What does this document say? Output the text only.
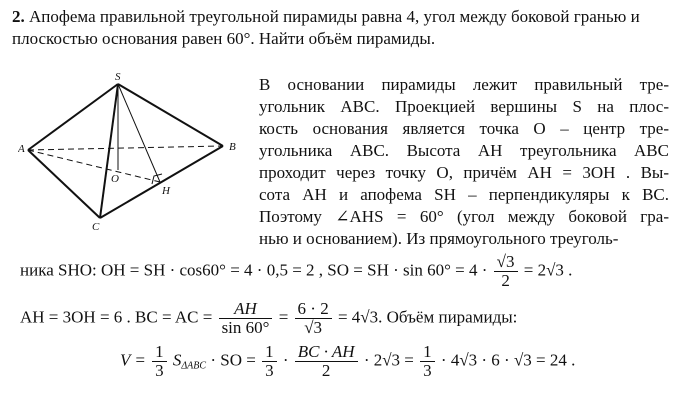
2. Апофема правильной треугольной пирамиды равна 4, угол между боковой гранью и плоскостью основания равен 60°. Найти объём пирамиды.
S
A	B
C
O
H

В основании пирамиды лежит правильный тре-

угольник ABC. Проекцией вершины S на плос-

кость основания является точка O – центр тре-

угольника ABC. Высота AH треугольника ABC

проходит через точку O, причём AH = 3OH . Вы-

сота AH и апофема SH – перпендикуляры к BC.

Поэтому ∠AHS = 60° (угол между боковой гра-

нью и основанием). Из прямоугольного треуголь-

ника SHO: OH = SH · cos60° = 4 · 0,5 = 2 , SO = SH · $\sin 60^\circ = 4 \cdot \frac{√3}{2} = 2√3$ .
AH = 3OH = 6 . BC = AC = $\frac{AH}{\sin 60^\circ} = \frac{6 \cdot 2}{√3} = 4√3$. Объём пирамиды:
$V = \frac{1}{3} S_{\Delta ABC}$ · SO = $\frac{1}{3} \cdot \frac{BC \cdot AH}{2} \cdot 2√3 = \frac{1}{3} \cdot 4√3 \cdot 6 \cdot √3 = 24$ .
